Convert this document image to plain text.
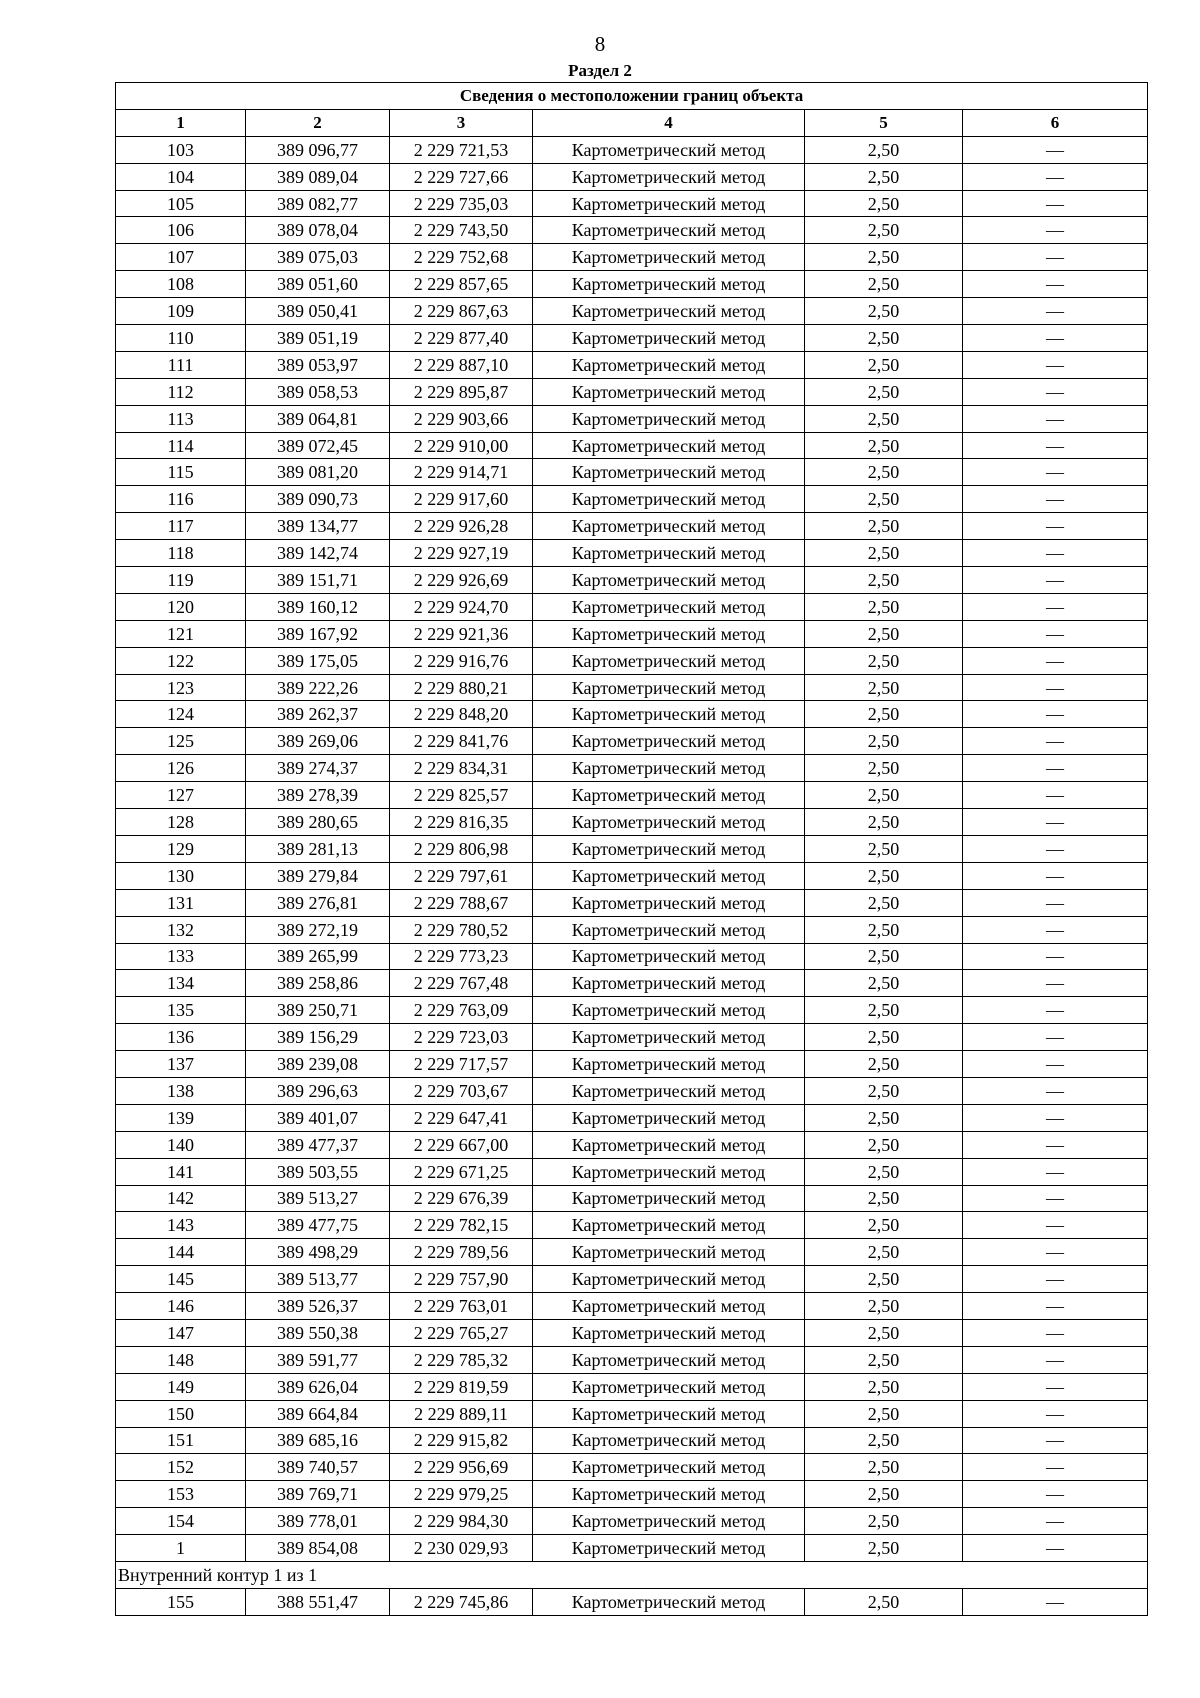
8
Раздел 2
Сведения о местоположении границ объекта					
1	2	3	4	5	6
103	389 096,77	2 229 721,53	Картометрический метод	2,50	—
104	389 089,04	2 229 727,66	Картометрический метод	2,50	—
105	389 082,77	2 229 735,03	Картометрический метод	2,50	—
106	389 078,04	2 229 743,50	Картометрический метод	2,50	—
107	389 075,03	2 229 752,68	Картометрический метод	2,50	—
108	389 051,60	2 229 857,65	Картометрический метод	2,50	—
109	389 050,41	2 229 867,63	Картометрический метод	2,50	—
110	389 051,19	2 229 877,40	Картометрический метод	2,50	—
111	389 053,97	2 229 887,10	Картометрический метод	2,50	—
112	389 058,53	2 229 895,87	Картометрический метод	2,50	—
113	389 064,81	2 229 903,66	Картометрический метод	2,50	—
114	389 072,45	2 229 910,00	Картометрический метод	2,50	—
115	389 081,20	2 229 914,71	Картометрический метод	2,50	—
116	389 090,73	2 229 917,60	Картометрический метод	2,50	—
117	389 134,77	2 229 926,28	Картометрический метод	2,50	—
118	389 142,74	2 229 927,19	Картометрический метод	2,50	—
119	389 151,71	2 229 926,69	Картометрический метод	2,50	—
120	389 160,12	2 229 924,70	Картометрический метод	2,50	—
121	389 167,92	2 229 921,36	Картометрический метод	2,50	—
122	389 175,05	2 229 916,76	Картометрический метод	2,50	—
123	389 222,26	2 229 880,21	Картометрический метод	2,50	—
124	389 262,37	2 229 848,20	Картометрический метод	2,50	—
125	389 269,06	2 229 841,76	Картометрический метод	2,50	—
126	389 274,37	2 229 834,31	Картометрический метод	2,50	—
127	389 278,39	2 229 825,57	Картометрический метод	2,50	—
128	389 280,65	2 229 816,35	Картометрический метод	2,50	—
129	389 281,13	2 229 806,98	Картометрический метод	2,50	—
130	389 279,84	2 229 797,61	Картометрический метод	2,50	—
131	389 276,81	2 229 788,67	Картометрический метод	2,50	—
132	389 272,19	2 229 780,52	Картометрический метод	2,50	—
133	389 265,99	2 229 773,23	Картометрический метод	2,50	—
134	389 258,86	2 229 767,48	Картометрический метод	2,50	—
135	389 250,71	2 229 763,09	Картометрический метод	2,50	—
136	389 156,29	2 229 723,03	Картометрический метод	2,50	—
137	389 239,08	2 229 717,57	Картометрический метод	2,50	—
138	389 296,63	2 229 703,67	Картометрический метод	2,50	—
139	389 401,07	2 229 647,41	Картометрический метод	2,50	—
140	389 477,37	2 229 667,00	Картометрический метод	2,50	—
141	389 503,55	2 229 671,25	Картометрический метод	2,50	—
142	389 513,27	2 229 676,39	Картометрический метод	2,50	—
143	389 477,75	2 229 782,15	Картометрический метод	2,50	—
144	389 498,29	2 229 789,56	Картометрический метод	2,50	—
145	389 513,77	2 229 757,90	Картометрический метод	2,50	—
146	389 526,37	2 229 763,01	Картометрический метод	2,50	—
147	389 550,38	2 229 765,27	Картометрический метод	2,50	—
148	389 591,77	2 229 785,32	Картометрический метод	2,50	—
149	389 626,04	2 229 819,59	Картометрический метод	2,50	—
150	389 664,84	2 229 889,11	Картометрический метод	2,50	—
151	389 685,16	2 229 915,82	Картометрический метод	2,50	—
152	389 740,57	2 229 956,69	Картометрический метод	2,50	—
153	389 769,71	2 229 979,25	Картометрический метод	2,50	—
154	389 778,01	2 229 984,30	Картометрический метод	2,50	—
1	389 854,08	2 230 029,93	Картометрический метод	2,50	—
Внутренний контур 1 из 1					
155	388 551,47	2 229 745,86	Картометрический метод	2,50	—
